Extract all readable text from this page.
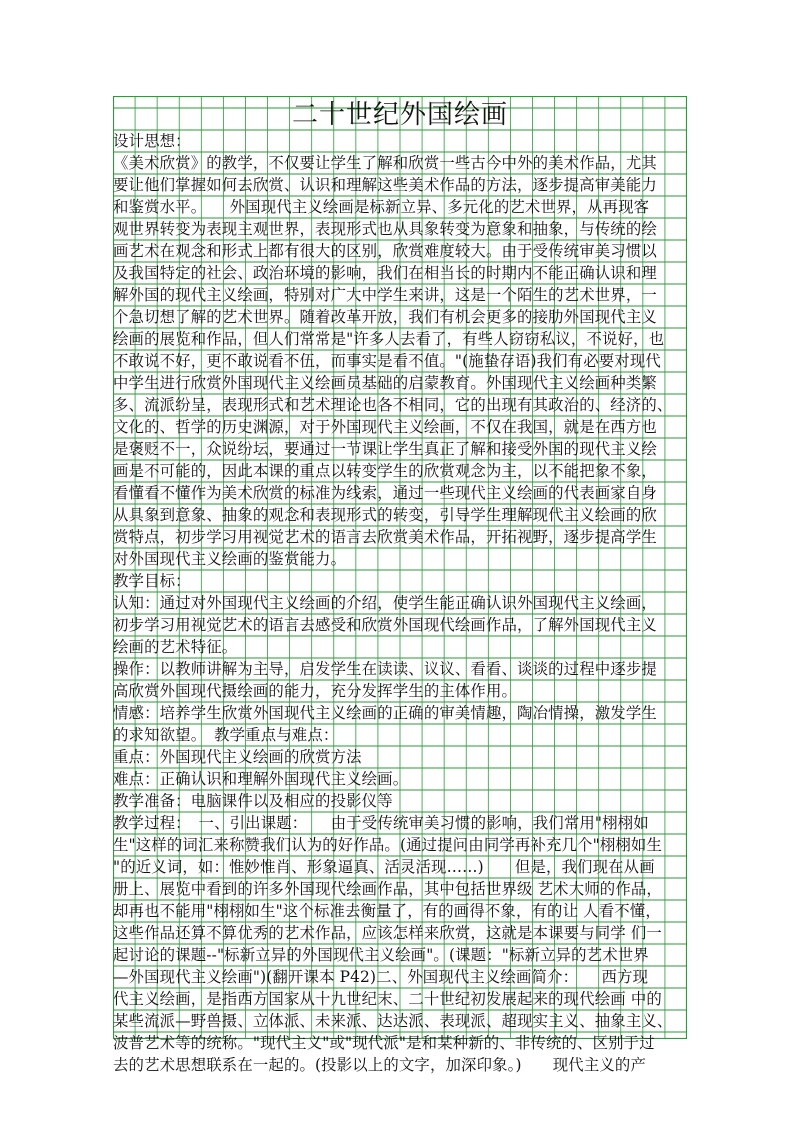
二十世纪外国绘画
设计思想：
《美术欣赏》的教学，不仅要让学生了解和欣赏一些古今中外的美术作品，尤其
要让他们掌握如何去欣赏、认识和理解这些美术作品的方法，逐步提高审美能力
和鉴赏水平。　　外国现代主义绘画是标新立异、多元化的艺术世界，从再现客
观世界转变为表现主观世界，表现形式也从具象转变为意象和抽象，与传统的绘
画艺术在观念和形式上都有很大的区别，欣赏难度较大。由于受传统审美习惯以
及我国特定的社会、政治环境的影响，我们在相当长的时期内不能正确认识和理
解外国的现代主义绘画，特别对广大中学生来讲，这是一个陌生的艺术世界，一
个急切想了解的艺术世界。随着改革开放，我们有机会更多的接肋外国现代主义
绘画的展览和作品，但人们常常是"许多人去看了，有些人窃窃私议，不说好，也
不敢说不好，更不敢说看不伍，而事实是看不值。"(施蛰存语)我们有必要对现代
中学生进行欣赏外国现代主义绘画员基础的启蒙教育。外国现代主义绘画种类繁
多、流派纷呈，表现形式和艺术理论也各不相同，它的出现有其政治的、经济的、
文化的、哲学的历史渊源，对于外国现代主义绘画，不仅在我国，就是在西方也
是褒贬不一，众说纷坛，要通过一节课让学生真正了解和接受外国的现代主义绘
画是不可能的，因此本课的重点以转变学生的欣赏观念为主，以不能把象不象，
看懂看不懂作为美术欣赏的标准为线索，通过一些现代主义绘画的代表画家自身
从具象到意象、抽象的观念和表现形式的转变，引导学生理解现代主义绘画的欣
赏特点，初步学习用视觉艺术的语言去欣赏美术作品，开拓视野，逐步提高学生
对外国现代主义绘画的鉴赏能力。
教学目标：
认知：通过对外国现代主义绘画的介绍，使学生能正确认识外国现代主义绘画，
初步学习用视觉艺术的语言去感受和欣赏外国现代绘画作品，了解外国现代主义
绘画的艺术特征。
操作：以教师讲解为主导，启发学生在读读、议议、看看、谈谈的过程中逐步提
高欣赏外国现代摄绘画的能力，充分发挥学生的主体作用。
情感：培养学生欣赏外国现代主义绘画的正确的审美情趣，陶冶情操，激发学生
的求知欲望。　教学重点与难点：
重点：外国现代主义绘画的欣赏方法
难点：正确认识和理解外国现代主义绘画。
教学准备：电脑课件以及相应的投影仪等
教学过程：　一、引出课题：　　由于受传统审美习惯的影响，我们常用"栩栩如
生"这样的词汇来称赞我们认为的好作品。(通过提问由同学再补充几个"栩栩如生
"的近义词，如：惟妙惟肖、形象逼真、活灵活现……)　　但是，我们现在从画
册上、展览中看到的许多外国现代绘画作品，其中包括世界级 艺术大师的作品，
却再也不能用"栩栩如生"这个标准去衡量了，有的画得不象，有的让 人看不懂，
这些作品还算不算优秀的艺术作品，应该怎样来欣赏，这就是本课要与同学 们一
起讨论的课题--"标新立异的外国现代主义绘画"。(课题："标新立异的艺术世界
—外国现代主义绘画")(翻开课本 P42)二、外国现代主义绘画简介：　　西方现
代主义绘画，是指西方国家从十九世纪末、二十世纪初发展起来的现代绘画 中的
某些流派—野兽摄、立体派、未来派、达达派、表现派、超现实主义、抽象主义、
波普艺术等的统称。"现代主义"或"现代派"是和某种新的、非传统的、区别于过
去的艺术思想联系在一起的。(投影以上的文字，加深印象。)　　现代主义的产
